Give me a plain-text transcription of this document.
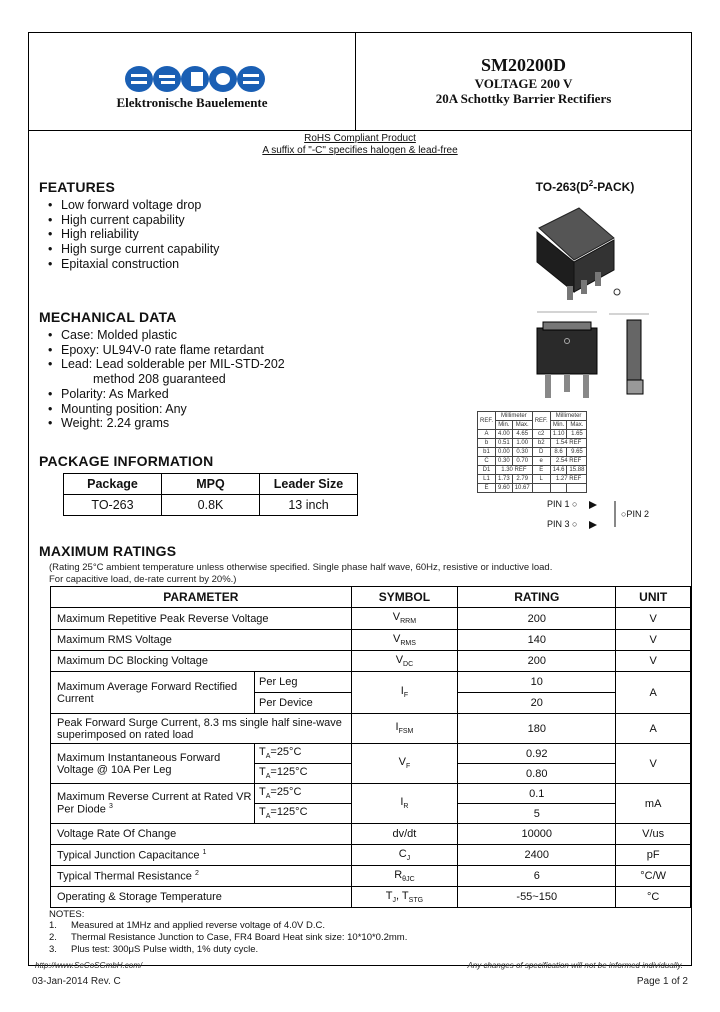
Elektronische Bauelemente
SM20200D
VOLTAGE 200 V
20A Schottky Barrier Rectifiers
RoHS Compliant Product
A suffix of "-C" specifies halogen & lead-free
FEATURES
• Low forward voltage drop
• High current capability
• High reliability
• High surge current capability
• Epitaxial construction
MECHANICAL DATA
• Case: Molded plastic
• Epoxy: UL94V-0 rate flame retardant
• Lead: Lead solderable per MIL-STD-202
method 208 guaranteed
• Polarity: As Marked
• Mounting position: Any
• Weight: 2.24 grams
PACKAGE INFORMATION
Package	MPQ	Leader Size
TO-263	0.8K	13 inch
$TO-263(D^2-PACK)$
REF.	Millimeter		REF.	Millimeter	
	Min.	Max.		Min.	Max.
A	4.00	4.65	c2	1.10	1.65
b	0.51	1.00	b2	1.54 REF	
b1	0.00	0.30	D	8.6	9.65
C	0.30	0.70	e	2.54 REF	
D1	1.30 REF		E	14.6	15.88
L1	1.73	2.79	L	1.27 REF	
E	9.60	10.67			
PIN 1 ○
PIN 3 ○
○PIN 2
MAXIMUM RATINGS
(Rating 25°C ambient temperature unless otherwise specified. Single phase half wave, 60Hz, resistive or inductive load.
For capacitive load, de-rate current by 20%.)
PARAMETER		SYMBOL	RATING	UNIT
Maximum Repetitive Peak Reverse Voltage		$V_{RRM}$	200	V
Maximum RMS Voltage		$V_{RMS}$	140	V
Maximum DC Blocking Voltage		$V_{DC}$	200	V

Maximum Average Forward Rectified
Current	Per Leg	$I_F$	10	A
	Per Device		20	

Peak Forward Surge Current, 8.3 ms single half sine-wave
superimposed on rated load		$I_{FSM}$	180	A

Maximum Instantaneous Forward
Voltage @ 10A Per Leg	$T_A=25^\circ C$	$V_F$	0.92	V
	$T_A=125^\circ C$		0.80	

Maximum Reverse Current at Rated VR
Per Diode $^3$	$T_A=25^\circ C$	$I_R$	0.1	mA
	$T_A=125^\circ C$		5	
Voltage Rate Of Change		dv/dt	10000	V/us
Typical Junction Capacitance $^1$		$C_J$	2400	pF
Typical Thermal Resistance $^2$		$R_{\theta JC}$	6	°C/W
Operating & Storage Temperature		$T_J$, $T_{STG}$	-55~150	°C
NOTES:
1. Measured at 1MHz and applied reverse voltage of 4.0V D.C.
2. Thermal Resistance Junction to Case, FR4 Board Heat sink size: 10*10*0.2mm.
3. Plus test: 300μS Pulse width, 1% duty cycle.
http://www.SeCoSGmbH.com/	Any changes of specification will not be informed individually.
03-Jan-2014 Rev. C	Page 1 of 2
